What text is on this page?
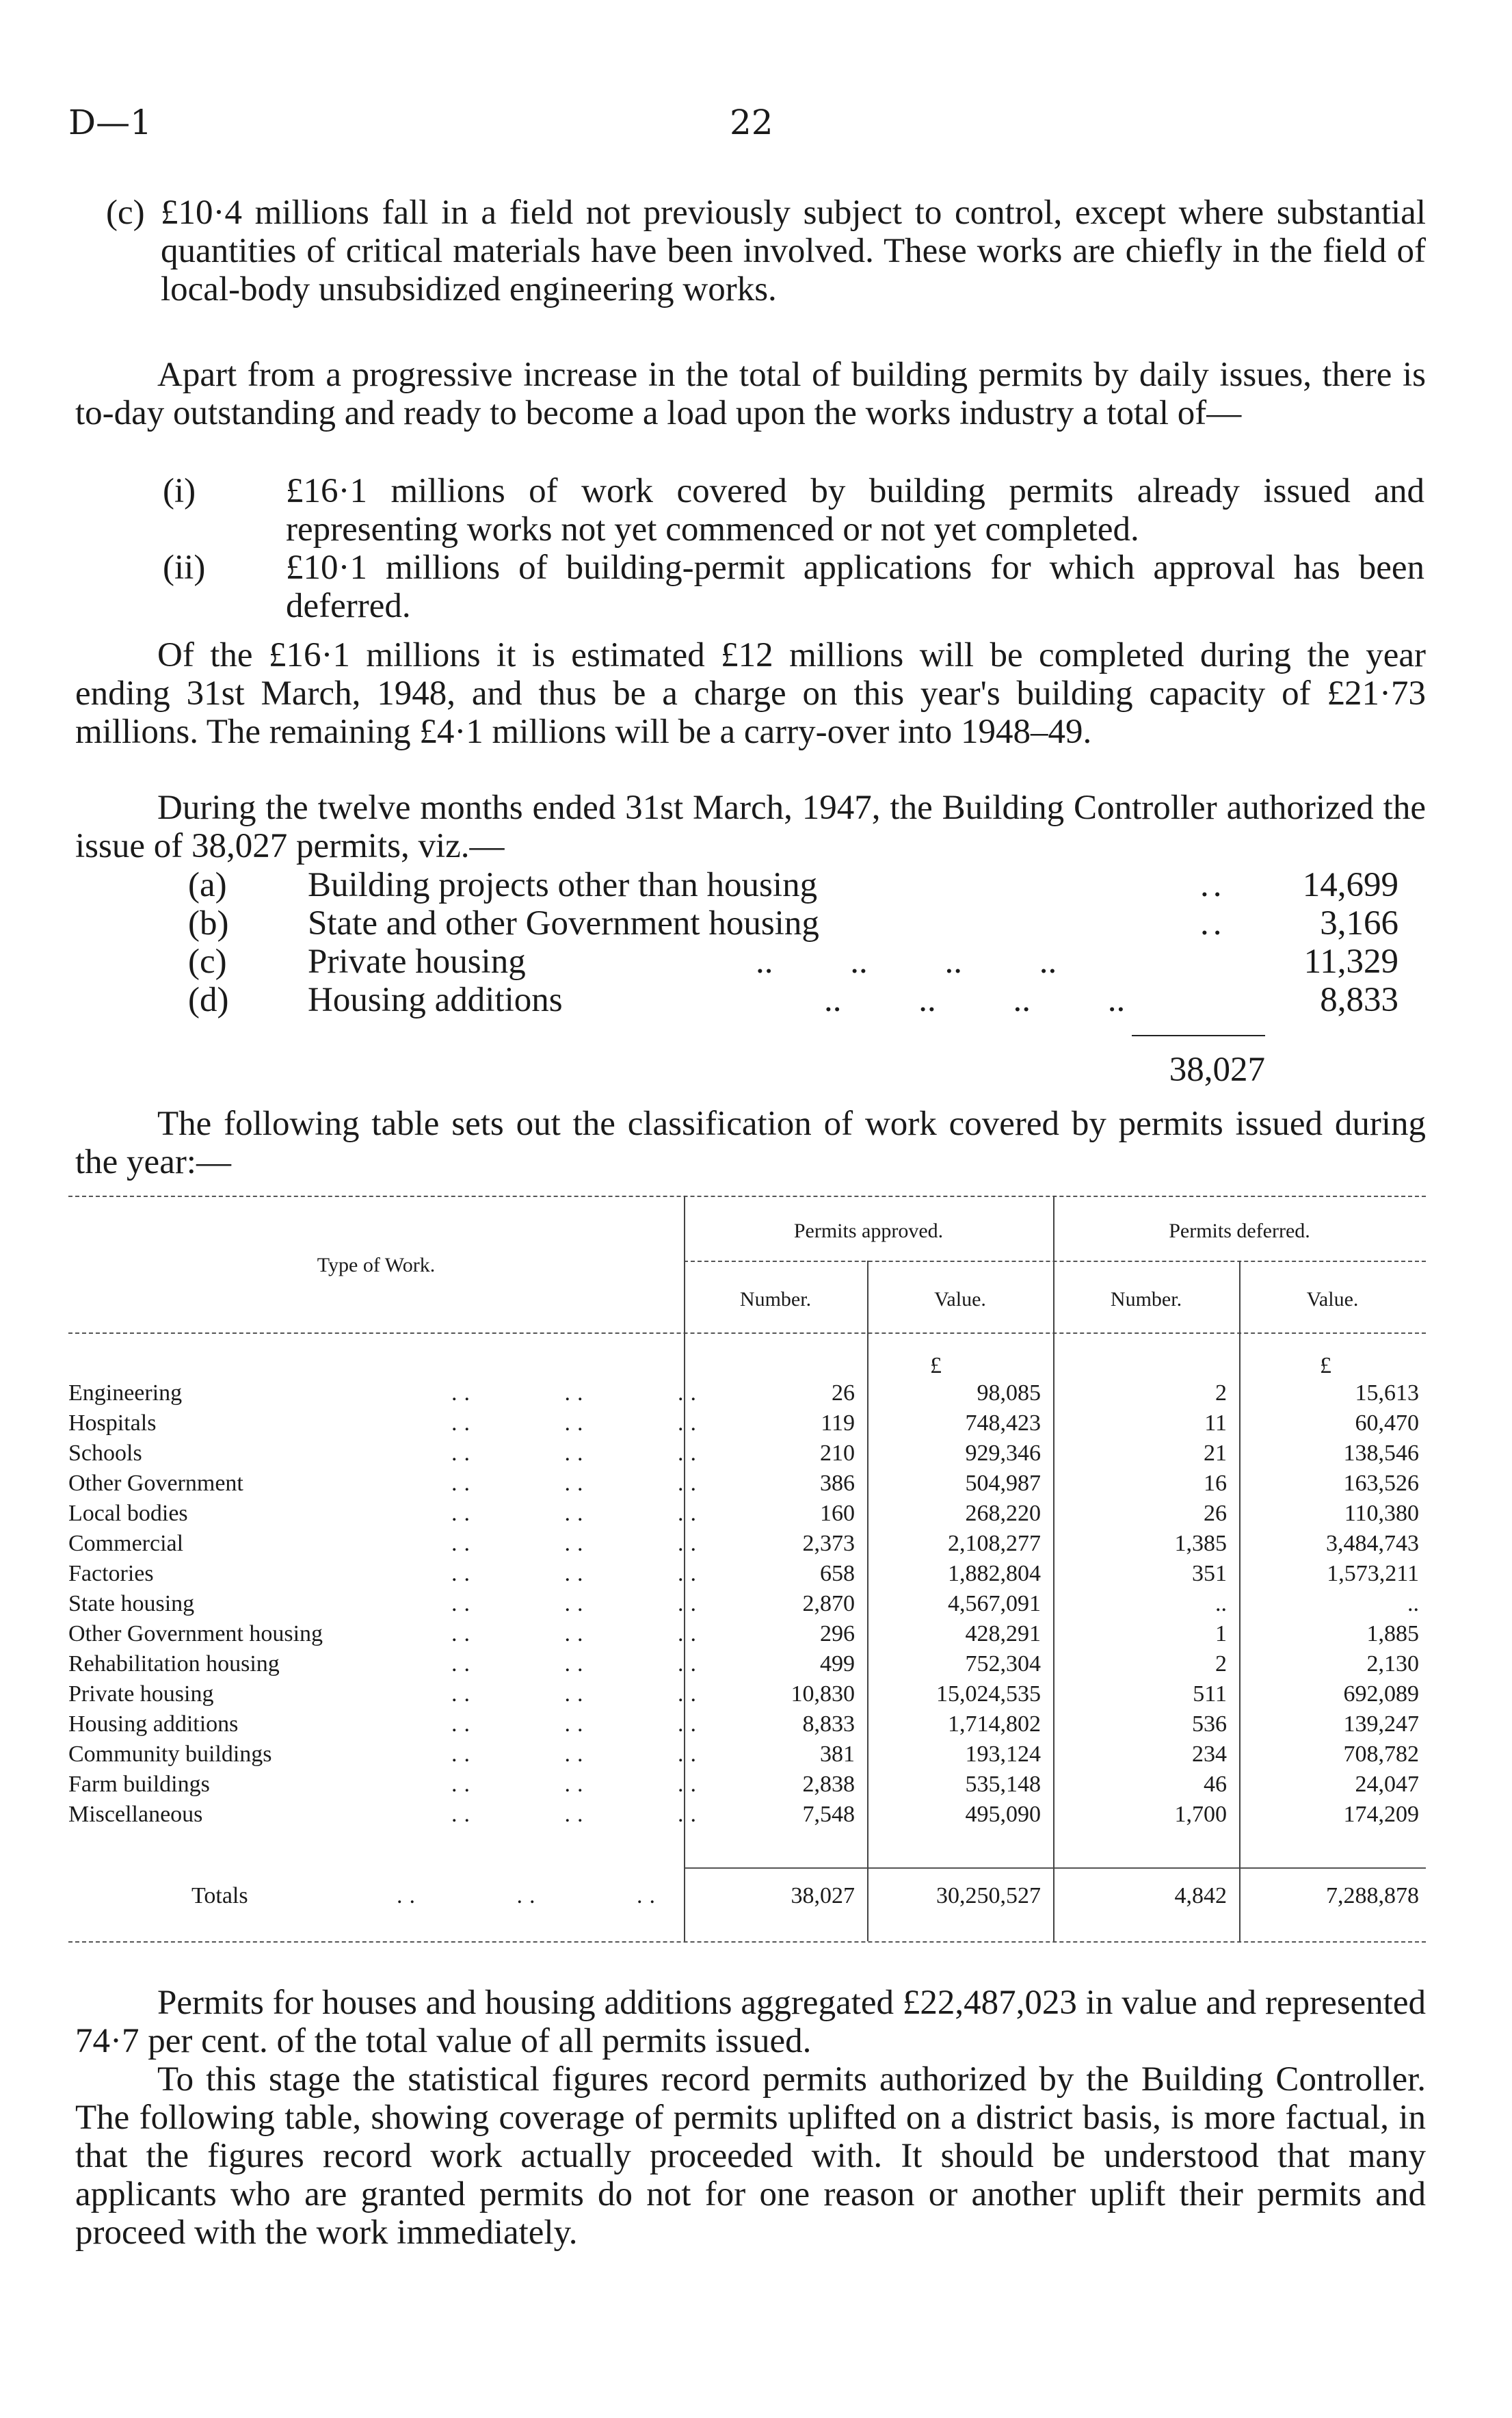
D—1	22
(c) £10·4 millions fall in a field not previously subject to control, except where substantial quantities of critical materials have been involved. These works are chiefly in the field of local-body unsubsidized engineering works.
Apart from a progressive increase in the total of building permits by daily issues, there is to-day outstanding and ready to become a load upon the works industry a total of—
(i)	£16·1 millions of work covered by building permits already issued and representing works not yet commenced or not yet completed.
(ii) £10·1 millions of building-permit applications for which approval has been deferred.
Of the £16·1 millions it is estimated £12 millions will be completed during the year ending 31st March, 1948, and thus be a charge on this year's building capacity of £21·73 millions. The remaining £4·1 millions will be a carry-over into 1948–49.
During the twelve months ended 31st March, 1947, the Building Controller authorized the issue of 38,027 permits, viz.—
(a) Building projects other than housing	..	14,699
(b) State and other Government housing	..	3,166
(c) Private housing	.. .. .. ..	11,329
(d) Housing additions	.. .. .. ..	8,833
38,027
The following table sets out the classification of work covered by permits issued during the year:—
Type of Work.
Permits approved.	Permits deferred.
Number.	Value.	Number.	Value.
£	£
Engineering	.. .. ..	26	98,085	2	15,613
Hospitals	.. .. ..	119	748,423	11	60,470
Schools	.. .. ..	210	929,346	21	138,546
Other Government	.. .. ..	386	504,987	16	163,526
Local bodies	.. .. ..	160	268,220	26	110,380
Commercial	.. .. ..	2,373	2,108,277	1,385	3,484,743
Factories	.. .. ..	658	1,882,804	351	1,573,211
State housing	.. .. ..	2,870	4,567,091	..	..
Other Government housing	.. .. ..	296	428,291	1	1,885
Rehabilitation housing	.. .. ..	499	752,304	2	2,130
Private housing	.. .. ..	10,830	15,024,535	511	692,089
Housing additions	.. .. ..	8,833	1,714,802	536	139,247
Community buildings	.. .. ..	381	193,124	234	708,782
Farm buildings	.. .. ..	2,838	535,148	46	24,047
Miscellaneous	.. .. ..	7,548	495,090	1,700	174,209
Totals	.. .. ..	38,027	30,250,527	4,842	7,288,878
Permits for houses and housing additions aggregated £22,487,023 in value and represented 74·7 per cent. of the total value of all permits issued.
To this stage the statistical figures record permits authorized by the Building Controller. The following table, showing coverage of permits uplifted on a district basis, is more factual, in that the figures record work actually proceeded with. It should be understood that many applicants who are granted permits do not for one reason or another uplift their permits and proceed with the work immediately.
